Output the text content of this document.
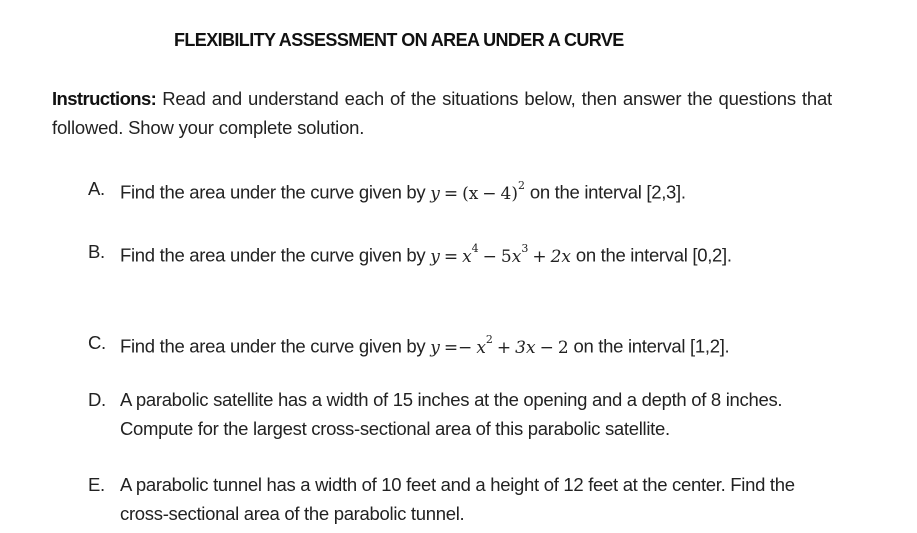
FLEXIBILITY ASSESSMENT ON AREA UNDER A CURVE
Instructions: Read and understand each of the situations below, then answer the questions that followed. Show your complete solution.
A. Find the area under the curve given by $y = (x - 4)^2$ on the interval [2,3].
B. Find the area under the curve given by $y = x^4 - 5x^3 + 2x$ on the interval [0,2].
C. Find the area under the curve given by $y =- x^2 + 3x - 2$ on the interval [1,2].
D. A parabolic satellite has a width of 15 inches at the opening and a depth of 8 inches. Compute for the largest cross-sectional area of this parabolic satellite.
E. A parabolic tunnel has a width of 10 feet and a height of 12 feet at the center. Find the cross-sectional area of the parabolic tunnel.
